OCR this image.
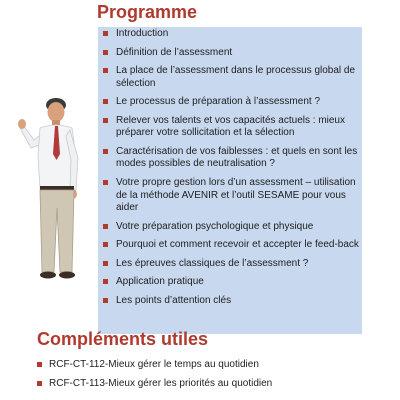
Programme
Introduction
Définition de l’assessment
La place de l’assessment dans le processus global de sélection
Le processus de préparation à l’assessment ?
Relever vos talents et vos capacités actuels : mieux préparer votre sollicitation et la sélection
Caractérisation de vos faiblesses : et quels en sont les modes possibles de neutralisation ?
Votre propre gestion lors d’un assessment – utilisation de la méthode AVENIR et l’outil SESAME pour vous aider
Votre préparation psychologique et physique
Pourquoi et comment recevoir et accepter le feed-back
Les épreuves classiques de l’assessment ?
Application pratique
Les points d’attention clés
Compléments utiles
RCF-CT-112-Mieux gérer le temps au quotidien
RCF-CT-113-Mieux gérer les priorités au quotidien
